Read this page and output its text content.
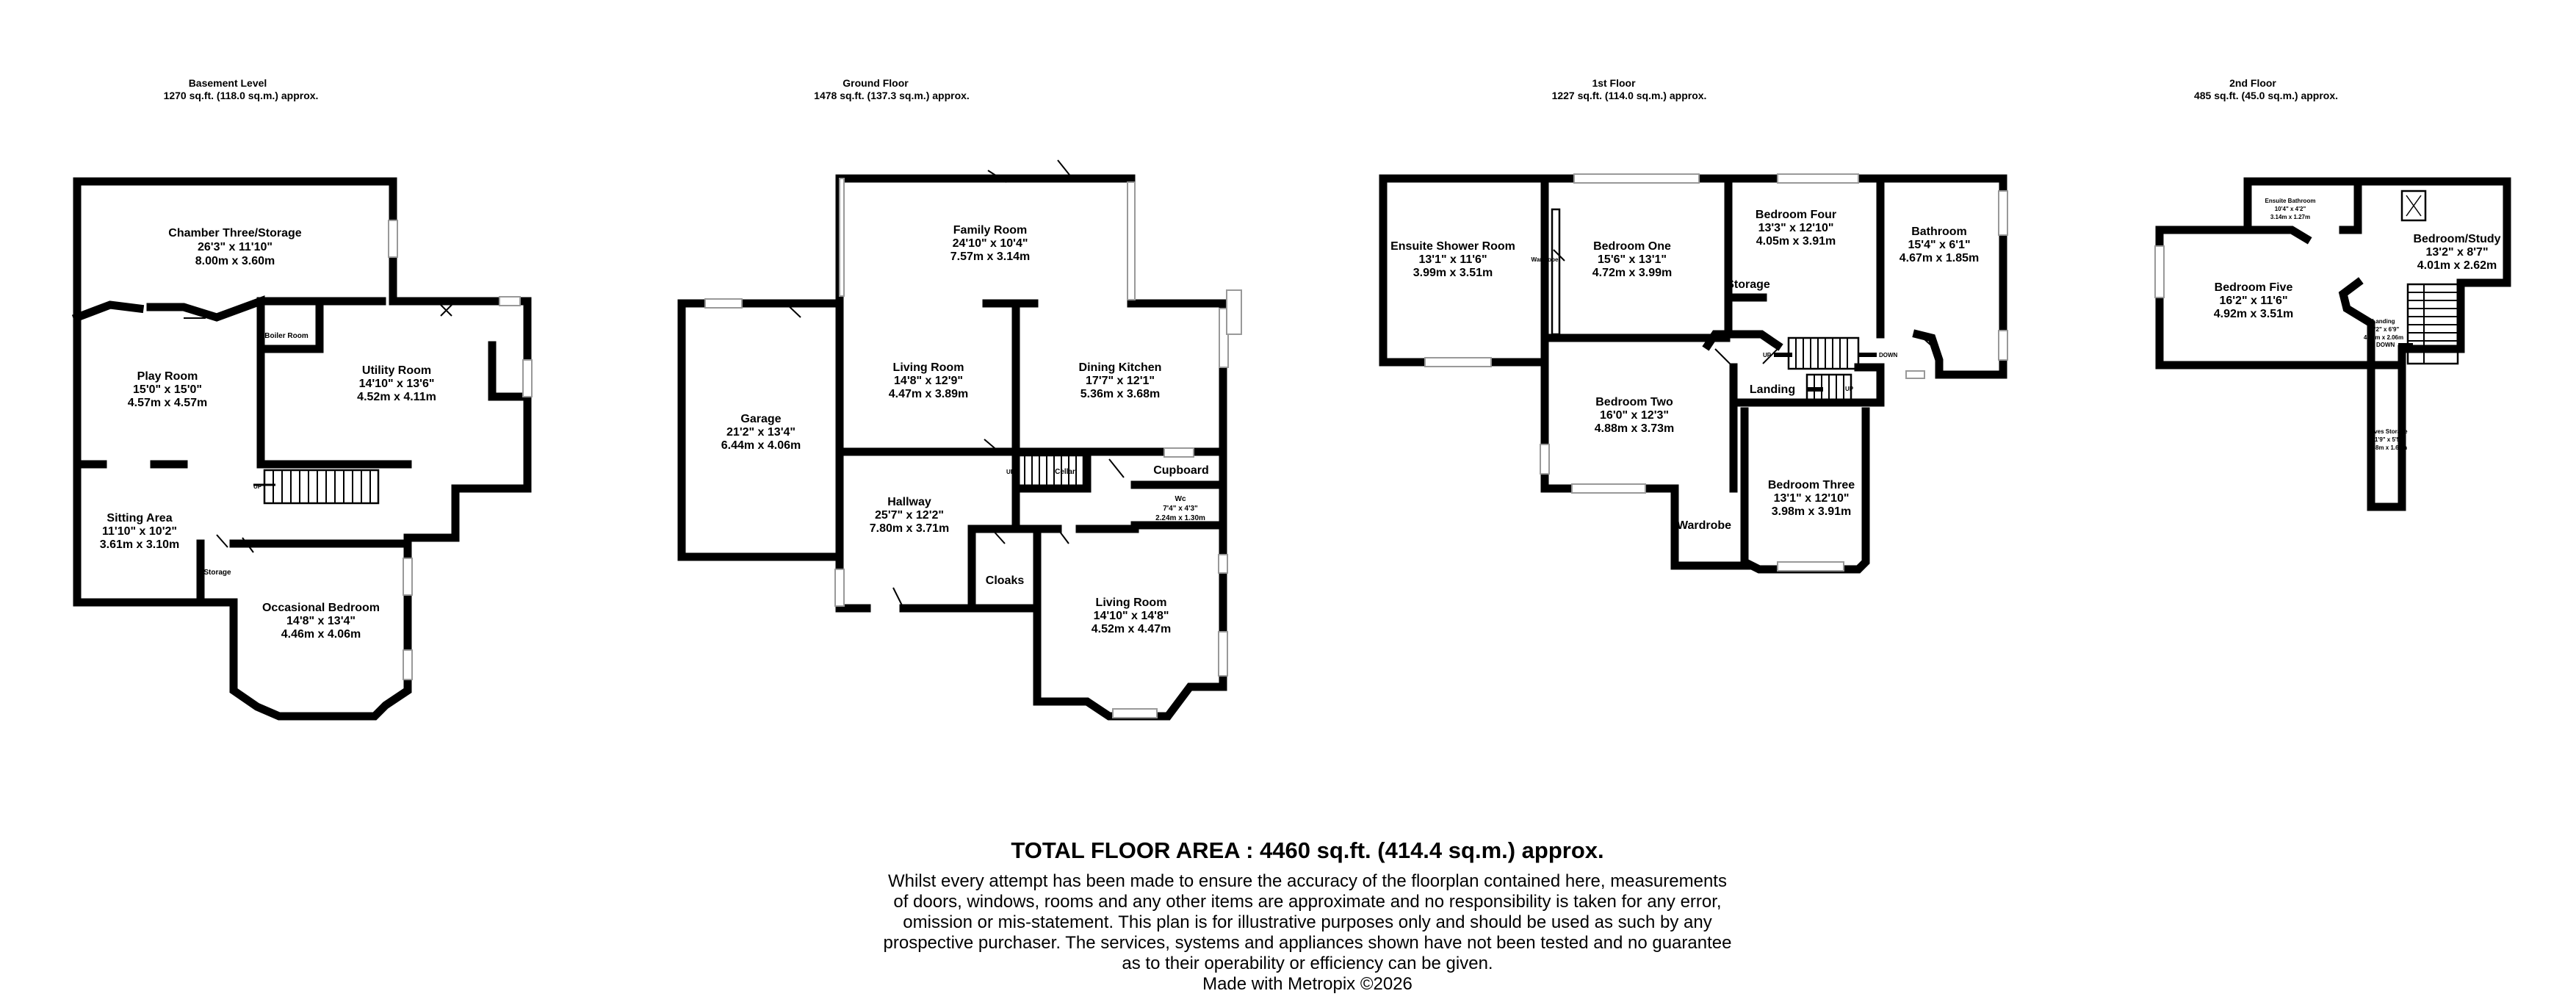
Basement Level
1270 sq.ft. (118.0 sq.m.) approx.
Ground Floor
1478 sq.ft. (137.3 sq.m.) approx.
1st Floor
1227 sq.ft. (114.0 sq.m.) approx.
2nd Floor
485 sq.ft. (45.0 sq.m.) approx.
UP
Chamber Three/Storage
26'3" x 11'10"
8.00m x 3.60m
Play Room
15'0" x 15'0"
4.57m x 4.57m
Boiler Room
Utility Room
14'10" x 13'6"
4.52m x 4.11m
Sitting Area
11'10" x 10'2"
3.61m x 3.10m
Storage
Occasional Bedroom
14'8" x 13'4"
4.46m x 4.06m
UP
Family Room
24'10" x 10'4"
7.57m x 3.14m
Garage
21'2" x 13'4"
6.44m x 4.06m
Living Room
14'8" x 12'9"
4.47m x 3.89m
Dining Kitchen
17'7" x 12'1"
5.36m x 3.68m
Cellar	Cupboard
Hallway
25'7" x 12'2"
7.80m x 3.71m
Wc
7'4" x 4'3"
2.24m x 1.30m
Cloaks
Living Room
14'10" x 14'8"
4.52m x 4.47m
UP	DOWN
UP
Ensuite Shower Room
13'1" x 11'6"
3.99m x 3.51m
Wardrobe
Bedroom One
15'6" x 13'1"
4.72m x 3.99m
Bedroom Four
13'3" x 12'10"
4.05m x 3.91m
Storage
Bathroom
15'4" x 6'1"
4.67m x 1.85m
Bedroom Two
16'0" x 12'3"
4.88m x 3.73m
Landing
Bedroom Three
13'1" x 12'10"
3.98m x 3.91m
Wardrobe
DOWN
Ensuite Bathroom
10'4" x 4'2"
3.14m x 1.27m
Bedroom/Study
13'2" x 8'7"
4.01m x 2.62m
Bedroom Five
16'2" x 11'6"
4.92m x 3.51m
Landing
13'2" x 6'9"
4.01m x 2.06m
Eaves Storage
11'9" x 5'5"
3.58m x 1.66m
TOTAL FLOOR AREA : 4460 sq.ft. (414.4 sq.m.) approx.
Whilst every attempt has been made to ensure the accuracy of the floorplan contained here, measurements
of doors, windows, rooms and any other items are approximate and no responsibility is taken for any error,
omission or mis-statement. This plan is for illustrative purposes only and should be used as such by any
prospective purchaser. The services, systems and appliances shown have not been tested and no guarantee
as to their operability or efficiency can be given.
Made with Metropix ©2026
